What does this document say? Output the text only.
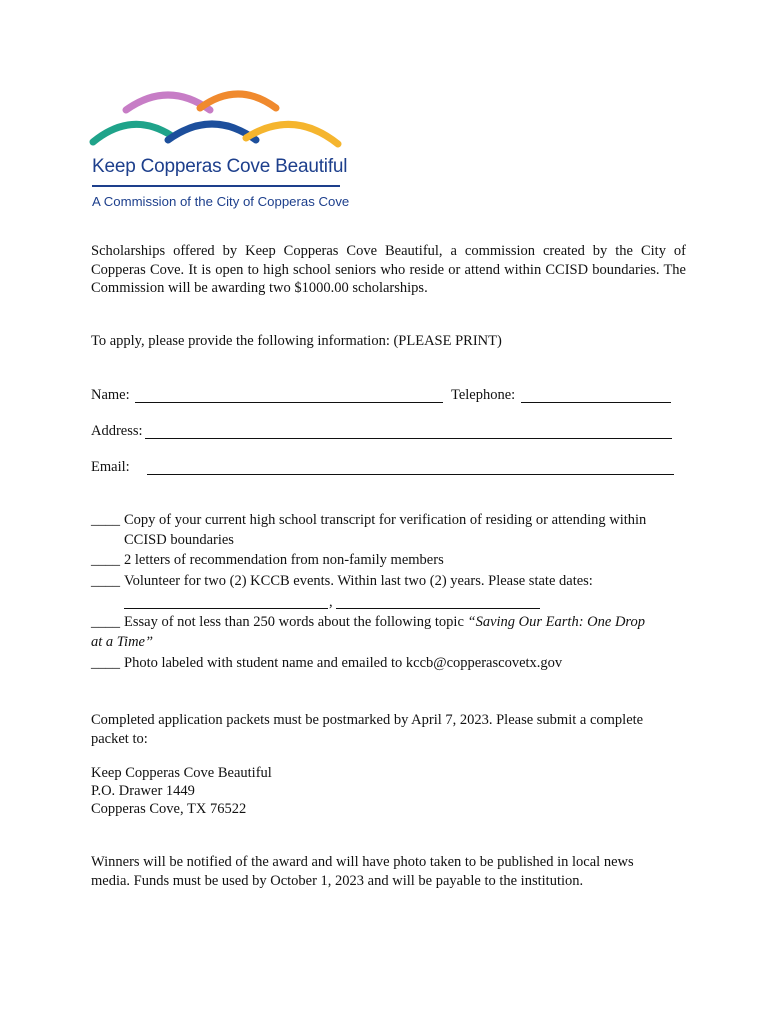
Keep Copperas Cove Beautiful
A Commission of the City of Copperas Cove
Scholarships offered by Keep Copperas Cove Beautiful, a commission created by the City of Copperas Cove. It is open to high school seniors who reside or attend within CCISD boundaries. The Commission will be awarding two $1000.00 scholarships.
To apply, please provide the following information: (PLEASE PRINT)
Name:	Telephone:
Address:
Email:
____ Copy of your current high school transcript for verification of residing or attending within
CCISD boundaries
____ 2 letters of recommendation from non-family members
____ Volunteer for two (2) KCCB events. Within last two (2) years. Please state dates:
,
____ Essay of not less than 250 words about the following topic “Saving Our Earth: One Drop
at a Time”
____ Photo labeled with student name and emailed to kccb@copperascovetx.gov
Completed application packets must be postmarked by April 7, 2023. Please submit a complete
packet to:
Keep Copperas Cove Beautiful
P.O. Drawer 1449
Copperas Cove, TX 76522
Winners will be notified of the award and will have photo taken to be published in local news
media. Funds must be used by October 1, 2023 and will be payable to the institution.
